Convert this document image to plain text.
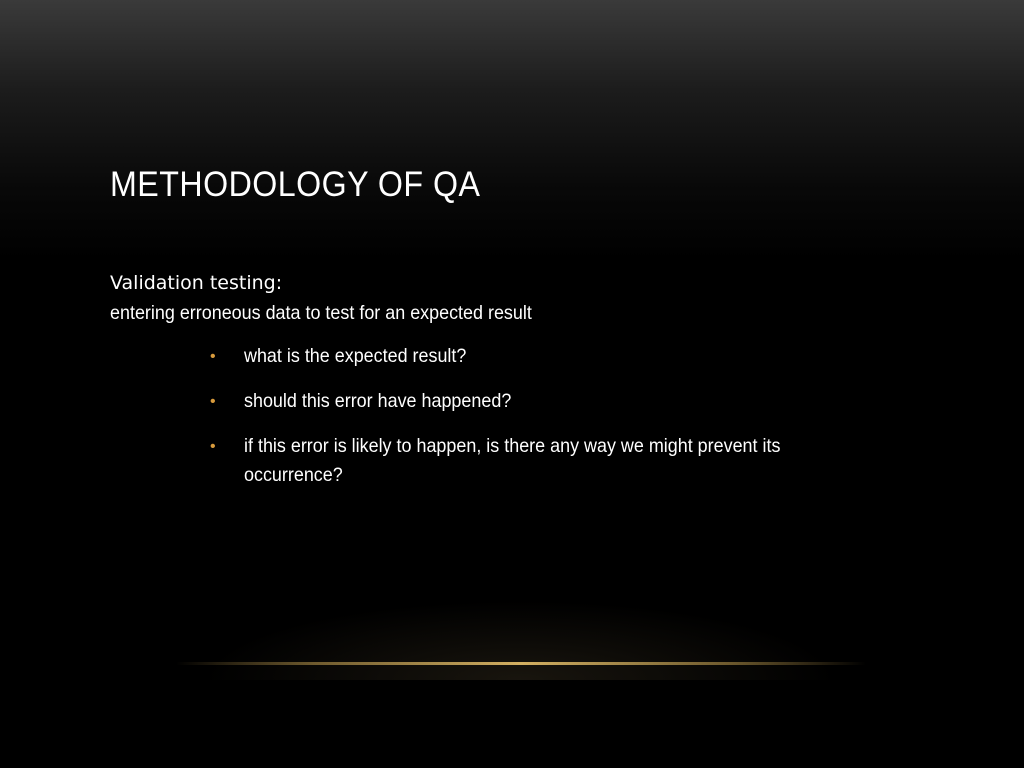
METHODOLOGY OF QA
Validation testing:
entering erroneous data to test for an expected result
• what is the expected result?
• should this error have happened?
• if this error is likely to happen, is there any way we might prevent its occurrence?
